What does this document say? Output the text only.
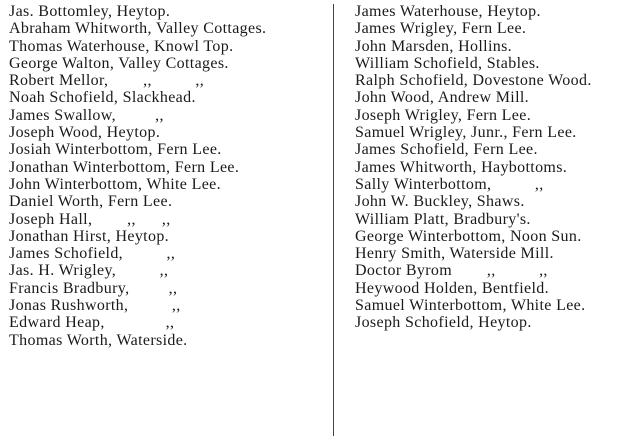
Jas. Bottomley, Heytop.

Abraham Whitworth, Valley Cottages.

Thomas Waterhouse, Knowl Top.

George Walton, Valley Cottages.

Robert Mellor,        ,,          ,,

Noah Schofield, Slackhead.

James Swallow,         ,,

Joseph Wood, Heytop.

Josiah Winterbottom, Fern Lee.

Jonathan Winterbottom, Fern Lee.

John Winterbottom, White Lee.

Daniel Worth, Fern Lee.

Joseph Hall,        ,,      ,,

Jonathan Hirst, Heytop.

James Schofield,          ,,

Jas. H. Wrigley,          ,,

Francis Bradbury,         ,,

Jonas Rushworth,          ,,

Edward Heap,              ,,

Thomas Worth, Waterside.

James Waterhouse, Heytop.

James Wrigley, Fern Lee.

John Marsden, Hollins.

William Schofield, Stables.

Ralph Schofield, Dovestone Wood.

John Wood, Andrew Mill.

Joseph Wrigley, Fern Lee.

Samuel Wrigley, Junr., Fern Lee.

James Schofield, Fern Lee.

James Whitworth, Haybottoms.

Sally Winterbottom,          ,,

John W. Buckley, Shaws.

William Platt, Bradbury's.

George Winterbottom, Noon Sun.

Henry Smith, Waterside Mill.

Doctor Byrom        ,,          ,,

Heywood Holden, Bentfield.

Samuel Winterbottom, White Lee.

Joseph Schofield, Heytop.
